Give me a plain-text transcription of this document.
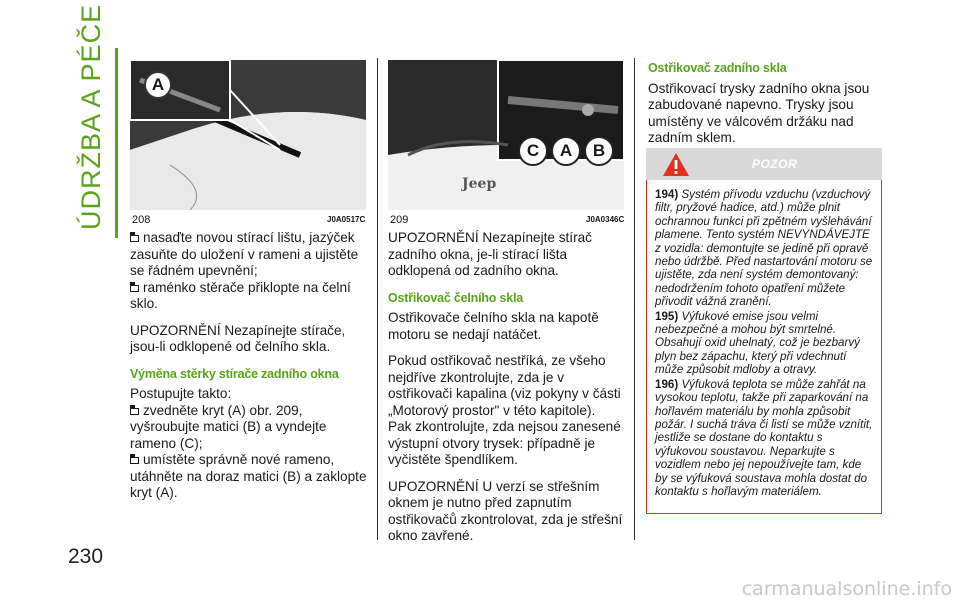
ÚDRŽBA A PÉČE
230
208	J0A0517C
A
Jeep
C	A	B
209	J0A0346C

nasaďte novou stírací lištu, jazýček zasuňte do uložení v rameni a ujistěte se řádném upevnění;
raménko stěrače přiklopte na čelní sklo.

UPOZORNĚNÍ Nezapínejte stírače, jsou-li odklopené od čelního skla.

Výměna stěrky stírače zadního okna
Postupujte takto:
zvedněte kryt (A) obr. 209, vyšroubujte matici (B) a vyndejte rameno (C);
umístěte správně nové rameno, utáhněte na doraz matici (B) a zaklopte kryt (A).

UPOZORNĚNÍ Nezapínejte stírač zadního okna, je-li stírací lišta odklopená od zadního okna.

Ostřikovač čelního skla

Ostřikovače čelního skla na kapotě motoru se nedají natáčet.

Pokud ostřikovač nestříká, ze všeho nejdříve zkontrolujte, zda je v ostřikovači kapalina (viz pokyny v části „Motorový prostor" v této kapitole).

Pak zkontrolujte, zda nejsou zanesené výstupní otvory trysek: případně je vyčistěte špendlíkem.

UPOZORNĚNÍ U verzí se střešním oknem je nutno před zapnutím ostřikovačů zkontrolovat, zda je střešní okno zavřené.

Ostřikovač zadního skla

Ostřikovací trysky zadního okna jsou zabudované napevno. Trysky jsou umístěny ve válcovém držáku nad zadním sklem.

POZOR

194) Systém přívodu vzduchu (vzduchový filtr, pryžové hadice, atd.) může plnit ochrannou funkci při zpětném vyšlehávání plamene. Tento systém NEVYNDÁVEJTE z vozidla: demontujte se jedině při opravě nebo údržbě. Před nastartování motoru se ujistěte, zda není systém demontovaný: nedodržením tohoto opatření můžete přivodit vážná zranění.

195) Výfukové emise jsou velmi nebezpečné a mohou být smrtelné. Obsahují oxid uhelnatý, což je bezbarvý plyn bez zápachu, který při vdechnutí může způsobit mdloby a otravy.

196) Výfuková teplota se může zahřát na vysokou teplotu, takže při zaparkování na hořlavém materiálu by mohla způsobit požár. I suchá tráva či listí se může vznítit, jestliže se dostane do kontaktu s výfukovou soustavou. Neparkujte s vozidlem nebo jej nepoužívejte tam, kde by se výfuková soustava mohla dostat do kontaktu s hořlavým materiálem.

carmanualsonline.info
